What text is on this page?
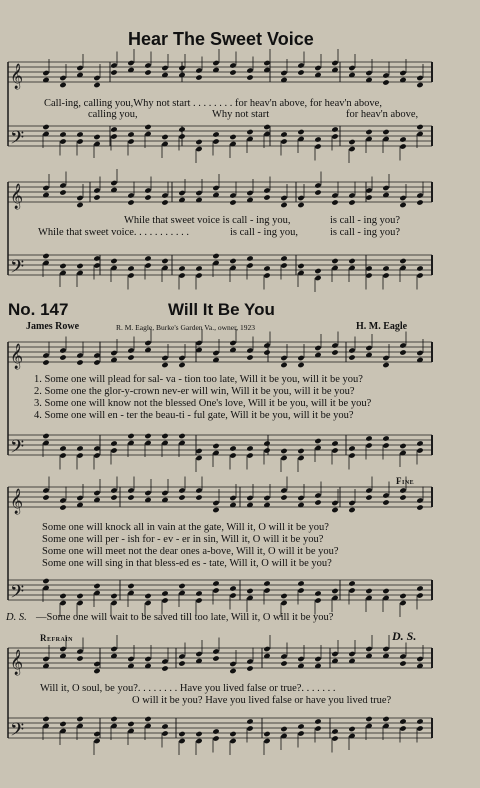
𝄞
𝄢
𝄞
𝄢
𝄞
𝄢
𝄞
𝄢
𝄞
𝄢
Hear The Sweet Voice
Call-ing, calling you,Why not start . . . . . . . . for heav'n above, for heav'n above,
calling you,	Why not start	for heav'n above,
While that sweet voice is call - ing you,	is call - ing you?
While that sweet voice. . . . . . . . . . .	is call - ing you,	is call - ing you?
No. 147	Will It Be You
James Rowe	R. M. Eagle, Burke's Garden Va., owner, 1923	H. M. Eagle
1. Some one will plead for sal- va - tion too late, Will it be you, will it be you?
2. Some one the glor-y-crown nev-er will win, Will it be you, will it be you?
3. Some one will know not the blessed One's love, Will it be you, will it be you?
4. Some one will en - ter the beau-ti - ful gate, Will it be you, will it be you?
Fine
Some one will knock all in vain at the gate, Will it, O will it be you?
Some one will per - ish for - ev - er in sin, Will it, O will it be you?
Some one will meet not the dear ones a-bove, Will it, O will it be you?
Some one will sing in that bless-ed es - tate, Will it, O will it be you?
D. S. —Some one will wait to be saved till too late, Will it, O will it be you?
Refrain	D. S.
Will it, O soul, be you?. . . . . . . . Have you lived false or true?. . . . . . .
O will it be you? Have you lived false or have you lived true?
